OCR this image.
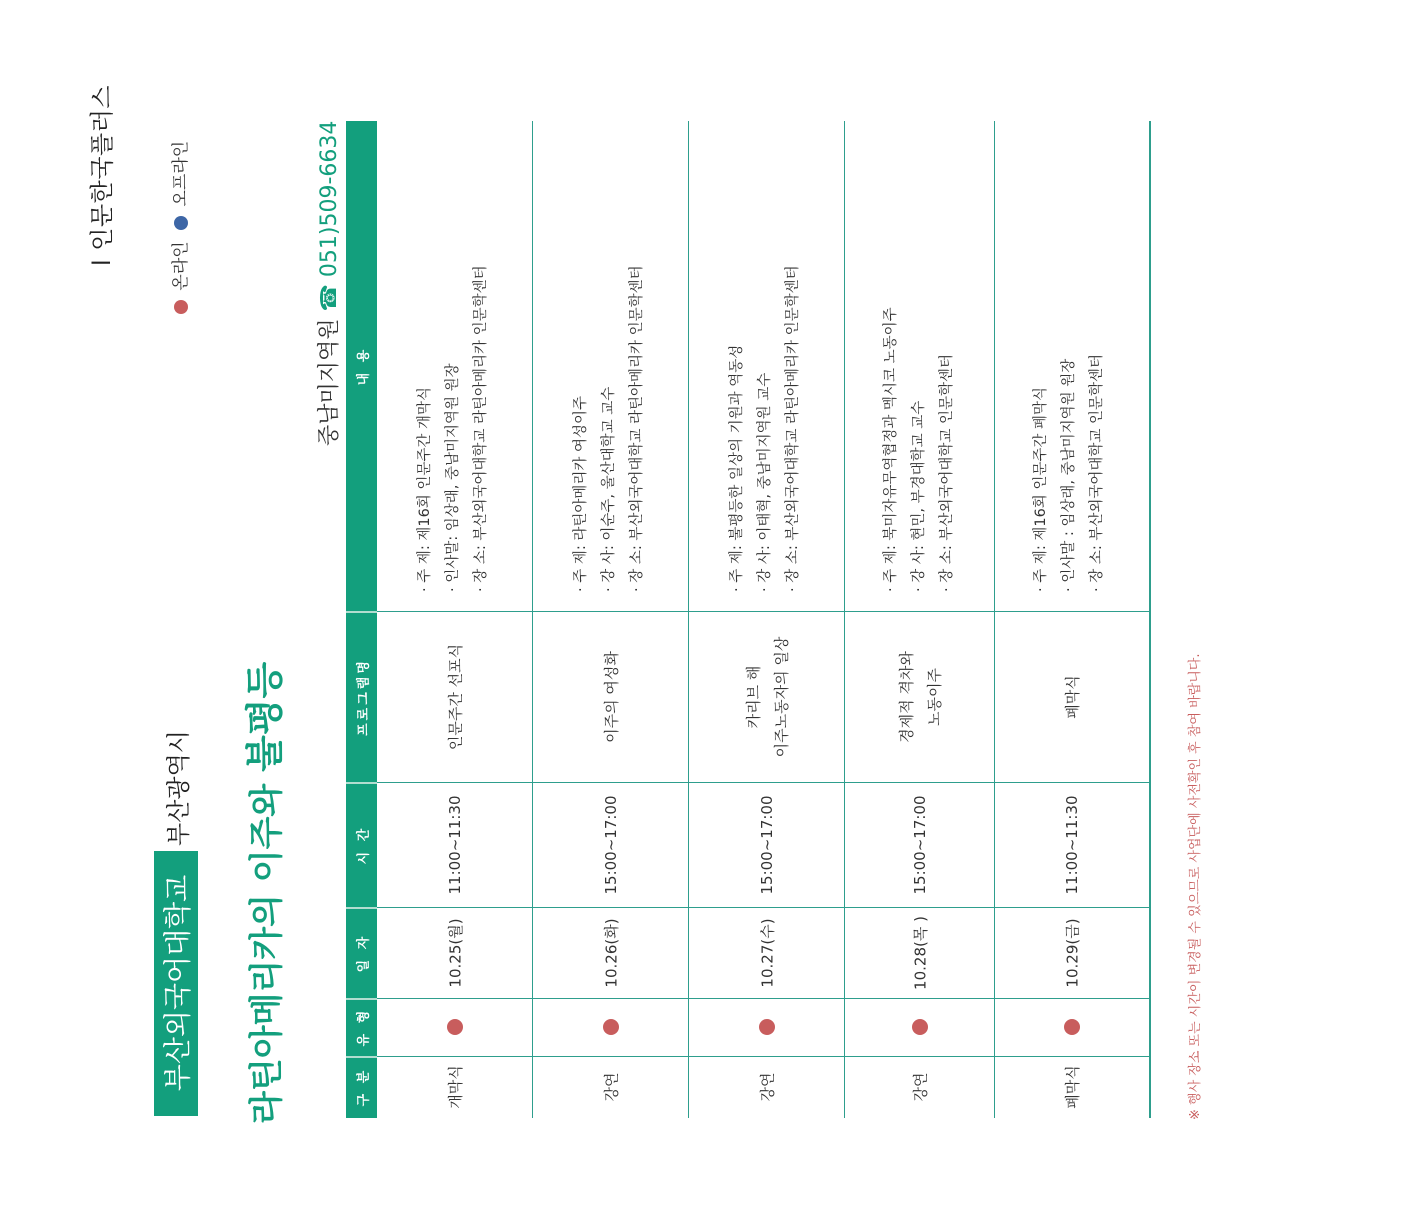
l 인문한국플러스	온라인  오프라인
부산외국어대학교
부산광역시	라틴아메리카의 이주와 불평등
중남미지역원 ☎ 051)509-6634
구 분
유 형
일 자
시 간
프로그램명
내 용
개막식
10.25(월)
11:00~11:30
인문주간 선포식
· 주 제: 제16회 인문주간 개막식 · 인사말: 임상래, 중남미지역원 원장 · 장 소: 부산외국어대학교 라틴아메리카 인문학센터
강연
10.26(화)
15:00~17:00
이주의 여성화
· 주 제: 라틴아메리카 여성이주 · 강 사: 이순주, 울산대학교 교수 · 장 소: 부산외국어대학교 라틴아메리카 인문학센터
강연
10.27(수)
15:00~17:00
카리브 해 이주노동자의 일상
· 주 제: 불평등한 일상의 기원과 역동성 · 강 사: 이태혁, 중남미지역원 교수 · 장 소: 부산외국어대학교 라틴아메리카 인문학센터
강연
10.28(목 )
15:00~17:00
경제적 격차와 노동이주
· 주 제: 북미자유무역협정과 멕시코 노동이주 · 강 사: 현민, 부경대학교 교수 · 장 소: 부산외국어대학교 인문학센터
폐막식
10.29(금)
11:00~11:30
폐막식
· 주 제: 제16회 인문주간 폐막식 · 인사말 : 임상래, 중남미지역원 원장 · 장 소: 부산외국어대학교 인문학센터
※ 행사 장소 또는 시간이 변경될 수 있으므로 사업단에 사전확인 후 참여 바랍니다.
